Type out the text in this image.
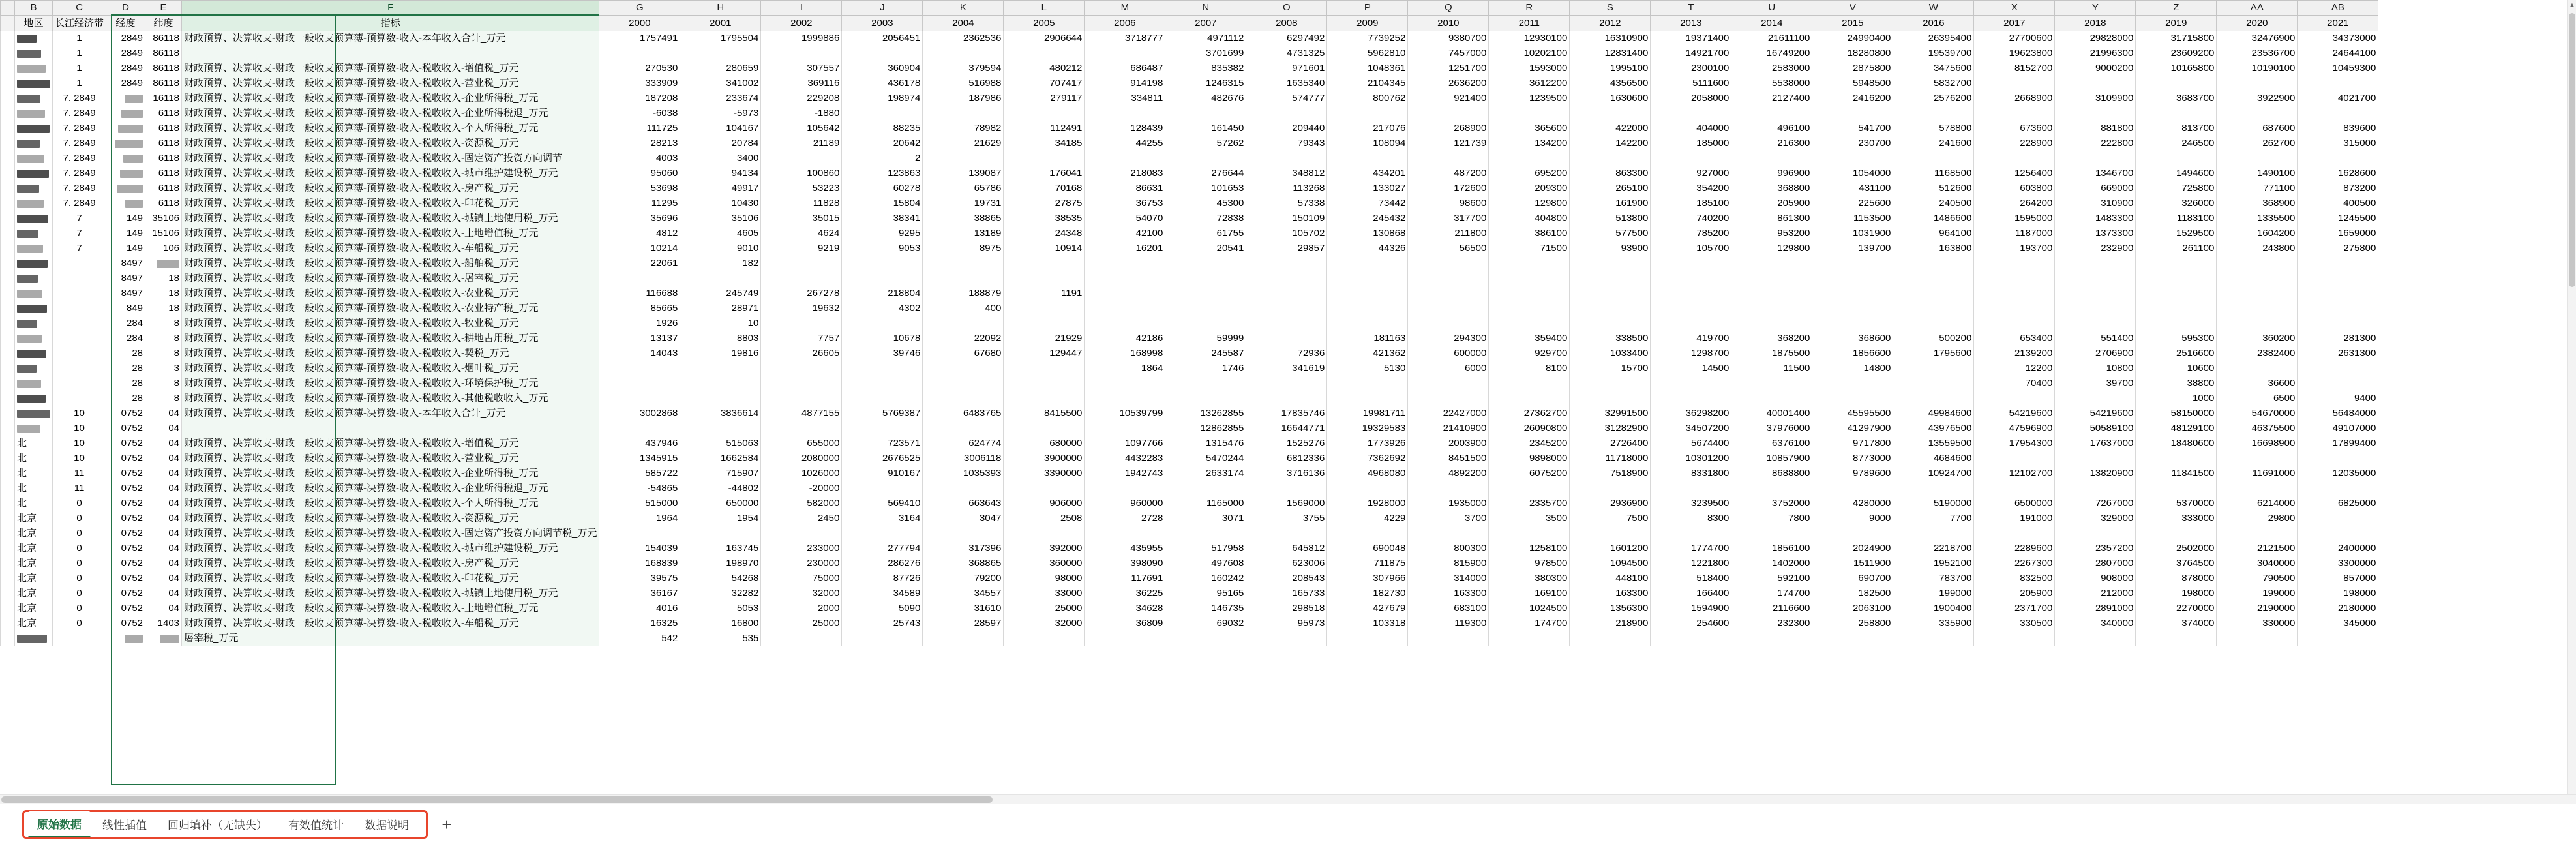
	B	C	D	E	F	G	H	I	J	K	L	M	N	O	P	Q	R	S	T	U	V	W	X	Y	Z	AA	AB
	地区	长江经济带	经度	纬度	指标	2000	2001	2002	2003	2004	2005	2006	2007	2008	2009	2010	2011	2012	2013	2014	2015	2016	2017	2018	2019	2020	2021
		1	2849	86118	财政预算、决算收支-财政一般收支预算薄-预算数-收入-本年收入合计_万元	1757491	1795504	1999886	2056451	2362536	2906644	3718777	4971112	6297492	7739252	9380700	12930100	16310900	19371400	21611100	24990400	26395400	27700600	29828000	31715800	32476900	34373000
		1	2849	86118									3701699	4731325	5962810	7457000	10202100	12831400	14921700	16749200	18280800	19539700	19623800	21996300	23609200	23536700	24644100
		1	2849	86118	财政预算、决算收支-财政一般收支预算薄-预算数-收入-税收收入-增值税_万元	270530	280659	307557	360904	379594	480212	686487	835382	971601	1048361	1251700	1593000	1995100	2300100	2583000	2875800	3475600	8152700	9000200	10165800	10190100	10459300
		1	2849	86118	财政预算、决算收支-财政一般收支预算薄-预算数-收入-税收收入-营业税_万元	333909	341002	369116	436178	516988	707417	914198	1246315	1635340	2104345	2636200	3612200	4356500	5111600	5538000	5948500	5832700					
		7. 2849		16118	财政预算、决算收支-财政一般收支预算薄-预算数-收入-税收收入-企业所得税_万元	187208	233674	229208	198974	187986	279117	334811	482676	574777	800762	921400	1239500	1630600	2058000	2127400	2416200	2576200	2668900	3109900	3683700	3922900	4021700
		7. 2849		6118	财政预算、决算收支-财政一般收支预算薄-预算数-收入-税收收入-企业所得税退_万元	-6038	-5973	-1880																			
		7. 2849		6118	财政预算、决算收支-财政一般收支预算薄-预算数-收入-税收收入-个人所得税_万元	111725	104167	105642	88235	78982	112491	128439	161450	209440	217076	268900	365600	422000	404000	496100	541700	578800	673600	881800	813700	687600	839600
		7. 2849		6118	财政预算、决算收支-财政一般收支预算薄-预算数-收入-税收收入-资源税_万元	28213	20784	21189	20642	21629	34185	44255	57262	79343	108094	121739	134200	142200	185000	216300	230700	241600	228900	222800	246500	262700	315000
		7. 2849		6118	财政预算、决算收支-财政一般收支预算薄-预算数-收入-税收收入-固定资产投资方向调节	4003	3400		2																		
		7. 2849		6118	财政预算、决算收支-财政一般收支预算薄-预算数-收入-税收收入-城市维护建设税_万元	95060	94134	100860	123863	139087	176041	218083	276644	348812	434201	487200	695200	863300	927000	996900	1054000	1168500	1256400	1346700	1494600	1490100	1628600
		7. 2849		6118	财政预算、决算收支-财政一般收支预算薄-预算数-收入-税收收入-房产税_万元	53698	49917	53223	60278	65786	70168	86631	101653	113268	133027	172600	209300	265100	354200	368800	431100	512600	603800	669000	725800	771100	873200
		7. 2849		6118	财政预算、决算收支-财政一般收支预算薄-预算数-收入-税收收入-印花税_万元	11295	10430	11828	15804	19731	27875	36753	45300	57338	73442	98600	129800	161900	185100	205900	225600	240500	264200	310900	326000	368900	400500
		7	149	35106	财政预算、决算收支-财政一般收支预算薄-预算数-收入-税收收入-城镇土地使用税_万元	35696	35106	35015	38341	38865	38535	54070	72838	150109	245432	317700	404800	513800	740200	861300	1153500	1486600	1595000	1483300	1183100	1335500	1245500
		7	149	15106	财政预算、决算收支-财政一般收支预算薄-预算数-收入-税收收入-土地增值税_万元	4812	4605	4624	9295	13189	24348	42100	61755	105702	130868	211800	386100	577500	785200	953200	1031900	964100	1187000	1373300	1529500	1604200	1659000
		7	149	106	财政预算、决算收支-财政一般收支预算薄-预算数-收入-税收收入-车船税_万元	10214	9010	9219	9053	8975	10914	16201	20541	29857	44326	56500	71500	93900	105700	129800	139700	163800	193700	232900	261100	243800	275800
			8497		财政预算、决算收支-财政一般收支预算薄-预算数-收入-税收收入-船舶税_万元	22061	182																				
			8497	18	财政预算、决算收支-财政一般收支预算薄-预算数-收入-税收收入-屠宰税_万元																						
			8497	18	财政预算、决算收支-财政一般收支预算薄-预算数-收入-税收收入-农业税_万元	116688	245749	267278	218804	188879	1191																
			849	18	财政预算、决算收支-财政一般收支预算薄-预算数-收入-税收收入-农业特产税_万元	85665	28971	19632	4302	400																	
			284	8	财政预算、决算收支-财政一般收支预算薄-预算数-收入-税收收入-牧业税_万元	1926	10																				
			284	8	财政预算、决算收支-财政一般收支预算薄-预算数-收入-税收收入-耕地占用税_万元	13137	8803	7757	10678	22092	21929	42186	59999		181163	294300	359400	338500	419700	368200	368600	500200	653400	551400	595300	360200	281300
			28	8	财政预算、决算收支-财政一般收支预算薄-预算数-收入-税收收入-契税_万元	14043	19816	26605	39746	67680	129447	168998	245587	72936	421362	600000	929700	1033400	1298700	1875500	1856600	1795600	2139200	2706900	2516600	2382400	2631300
			28	3	财政预算、决算收支-财政一般收支预算薄-预算数-收入-税收收入-烟叶税_万元							1864	1746	341619	5130	6000	8100	15700	14500	11500	14800		12200	10800	10600		
			28	8	财政预算、决算收支-财政一般收支预算薄-预算数-收入-税收收入-环境保护税_万元																		70400	39700	38800	36600	
			28	8	财政预算、决算收支-财政一般收支预算薄-预算数-收入-税收收入-其他税收收入_万元																				1000	6500	9400
		10	0752	04	财政预算、决算收支-财政一般收支预算薄-决算数-收入-本年收入合计_万元	3002868	3836614	4877155	5769387	6483765	8415500	10539799	13262855	17835746	19981711	22427000	27362700	32991500	36298200	40001400	45595500	49984600	54219600	54219600	58150000	54670000	56484000
		10	0752	04									12862855	16644771	19329583	21410900	26090800	31282900	34507200	37976000	41297900	43976500	47596900	50589100	48129100	46375500	49107000
	北	10	0752	04	财政预算、决算收支-财政一般收支预算薄-决算数-收入-税收收入-增值税_万元	437946	515063	655000	723571	624774	680000	1097766	1315476	1525276	1773926	2003900	2345200	2726400	5674400	6376100	9717800	13559500	17954300	17637000	18480600	16698900	17899400
	北	10	0752	04	财政预算、决算收支-财政一般收支预算薄-决算数-收入-税收收入-营业税_万元	1345915	1662584	2080000	2676525	3006118	3900000	4432283	5470244	6812336	7362692	8451500	9898000	11718000	10301200	10857900	8773000	4684600					
	北	11	0752	04	财政预算、决算收支-财政一般收支预算薄-决算数-收入-税收收入-企业所得税_万元	585722	715907	1026000	910167	1035393	3390000	1942743	2633174	3716136	4968080	4892200	6075200	7518900	8331800	8688800	9789600	10924700	12102700	13820900	11841500	11691000	12035000
	北	11	0752	04	财政预算、决算收支-财政一般收支预算薄-决算数-收入-税收收入-企业所得税退_万元	-54865	-44802	-20000																			
	北	0	0752	04	财政预算、决算收支-财政一般收支预算薄-决算数-收入-税收收入-个人所得税_万元	515000	650000	582000	569410	663643	906000	960000	1165000	1569000	1928000	1935000	2335700	2936900	3239500	3752000	4280000	5190000	6500000	7267000	5370000	6214000	6825000
	北京	0	0752	04	财政预算、决算收支-财政一般收支预算薄-决算数-收入-税收收入-资源税_万元	1964	1954	2450	3164	3047	2508	2728	3071	3755	4229	3700	3500	7500	8300	7800	9000	7700	191000	329000	333000	29800	
	北京	0	0752	04	财政预算、决算收支-财政一般收支预算薄-决算数-收入-税收收入-固定资产投资方向调节税_万元																						
	北京	0	0752	04	财政预算、决算收支-财政一般收支预算薄-决算数-收入-税收收入-城市维护建设税_万元	154039	163745	233000	277794	317396	392000	435955	517958	645812	690048	800300	1258100	1601200	1774700	1856100	2024900	2218700	2289600	2357200	2502000	2121500	2400000
	北京	0	0752	04	财政预算、决算收支-财政一般收支预算薄-决算数-收入-税收收入-房产税_万元	168839	198970	230000	286276	368865	360000	398090	497608	623006	711875	815900	978500	1094500	1221800	1402000	1511900	1952100	2267300	2807000	3764500	3040000	3300000
	北京	0	0752	04	财政预算、决算收支-财政一般收支预算薄-决算数-收入-税收收入-印花税_万元	39575	54268	75000	87726	79200	98000	117691	160242	208543	307966	314000	380300	448100	518400	592100	690700	783700	832500	908000	878000	790500	857000
	北京	0	0752	04	财政预算、决算收支-财政一般收支预算薄-决算数-收入-税收收入-城镇土地使用税_万元	36167	32282	32000	34589	34557	33000	36225	95165	165733	182730	163300	169100	163300	166400	174700	182500	199000	205900	212000	198000	199000	198000
	北京	0	0752	04	财政预算、决算收支-财政一般收支预算薄-决算数-收入-税收收入-土地增值税_万元	4016	5053	2000	5090	31610	25000	34628	146735	298518	427679	683100	1024500	1356300	1594900	2116600	2063100	1900400	2371700	2891000	2270000	2190000	2180000
	北京	0	0752	1403	财政预算、决算收支-财政一般收支预算薄-决算数-收入-税收收入-车船税_万元	16325	16800	25000	25743	28597	32000	36809	69032	95973	103318	119300	174700	218900	254600	232300	258800	335900	330500	340000	374000	330000	345000
					屠宰税_万元	542	535																				
▲
原始数据	线性插值	回归填补（无缺失）	有效值统计	数据说明	+
